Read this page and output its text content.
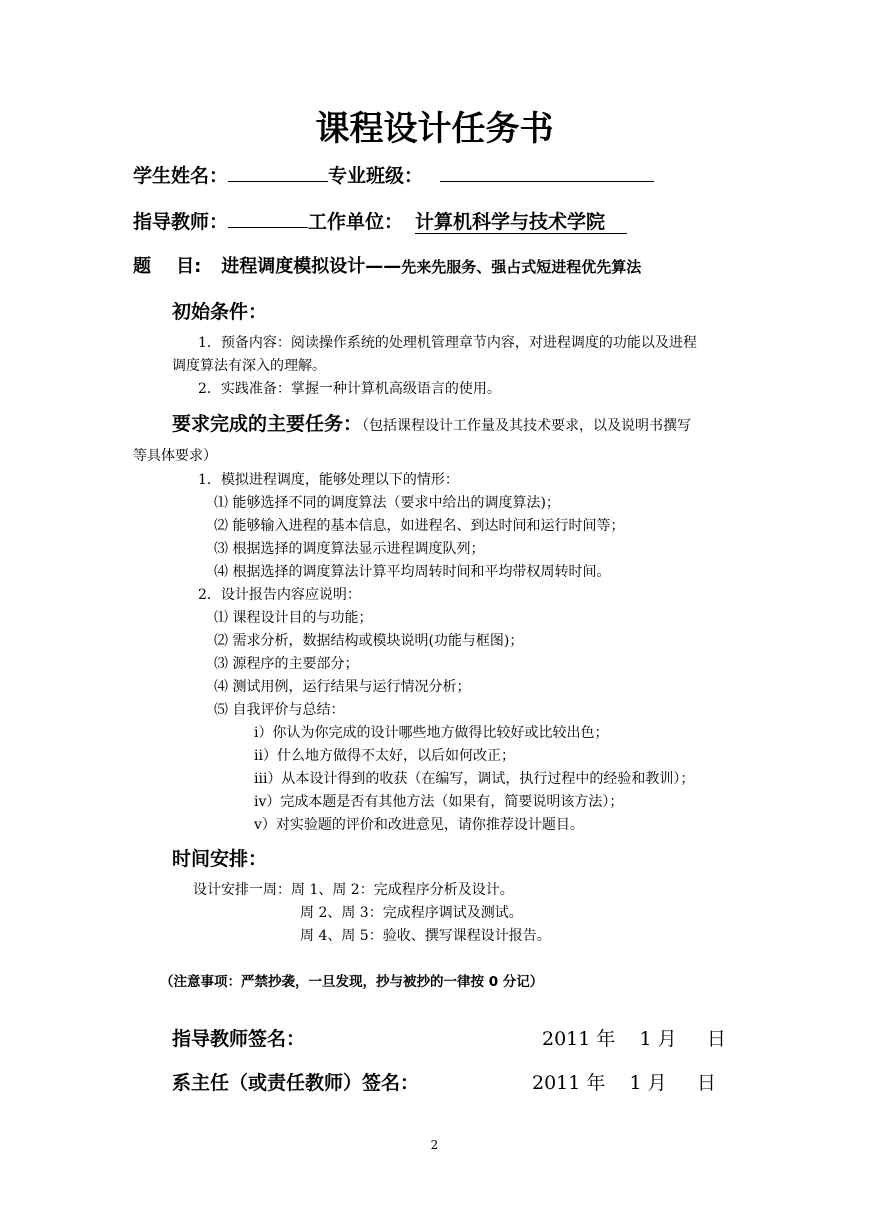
课程设计任务书
学生姓名：	专业班级：
指导教师：	工作单位： 计算机科学与技术学院
题    目: 进程调度模拟设计——先来先服务、强占式短进程优先算法
初始条件：
1．预备内容：阅读操作系统的处理机管理章节内容，对进程调度的功能以及进程
调度算法有深入的理解。
2．实践准备：掌握一种计算机高级语言的使用。
要求完成的主要任务：（包括课程设计工作量及其技术要求，以及说明书撰写
等具体要求）
1．模拟进程调度，能够处理以下的情形：
⑴ 能够选择不同的调度算法（要求中给出的调度算法)；
⑵ 能够输入进程的基本信息，如进程名、到达时间和运行时间等；
⑶ 根据选择的调度算法显示进程调度队列；
⑷ 根据选择的调度算法计算平均周转时间和平均带权周转时间。
2．设计报告内容应说明：
⑴ 课程设计目的与功能；
⑵ 需求分析，数据结构或模块说明(功能与框图)；
⑶ 源程序的主要部分；
⑷ 测试用例，运行结果与运行情况分析；
⑸ 自我评价与总结：
i）你认为你完成的设计哪些地方做得比较好或比较出色；
ii）什么地方做得不太好，以后如何改正；
iii）从本设计得到的收获（在编写，调试，执行过程中的经验和教训）；
iv）完成本题是否有其他方法（如果有，简要说明该方法）；
v）对实验题的评价和改进意见，请你推荐设计题目。
时间安排：
设计安排一周：周 1、周 2：完成程序分析及设计。
周 2、周 3：完成程序调试及测试。
周 4、周 5：验收、撰写课程设计报告。
（注意事项：严禁抄袭，一旦发现，抄与被抄的一律按 0 分记）
指导教师签名：	2011 年    1 月     日
系主任（或责任教师）签名：	2011 年    1 月     日
2
